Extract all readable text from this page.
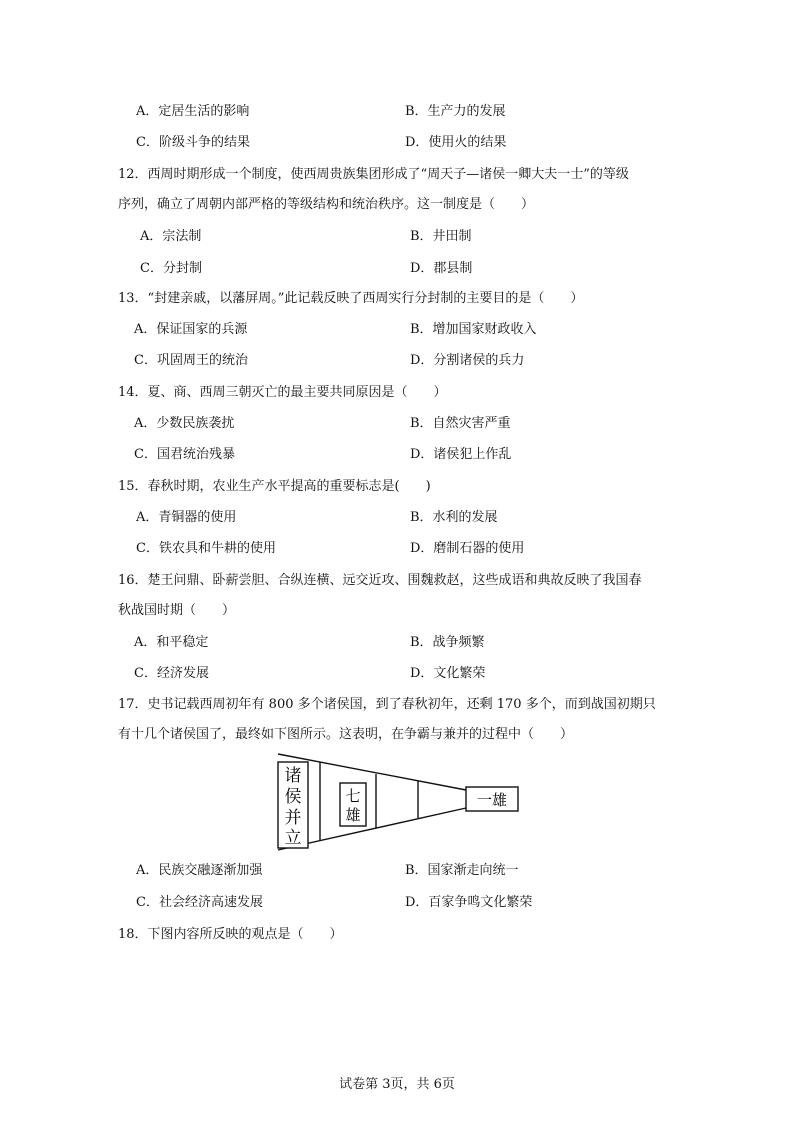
A．定居生活的影响	B．生产力的发展
C．阶级斗争的结果	D．使用火的结果
12．西周时期形成一个制度，使西周贵族集团形成了“周天子—诸侯一卿大夫一士”的等级
序列，确立了周朝内部严格的等级结构和统治秩序。这一制度是（　　）
A．宗法制	B．井田制
C．分封制	D．郡县制
13．“封建亲戚，以藩屏周。”此记载反映了西周实行分封制的主要目的是（　　）
A．保证国家的兵源	B．增加国家财政收入
C．巩固周王的统治	D．分割诸侯的兵力
14．夏、商、西周三朝灭亡的最主要共同原因是（　　）
A．少数民族袭扰	B．自然灾害严重
C．国君统治残暴	D．诸侯犯上作乱
15．春秋时期，农业生产水平提高的重要标志是(　　)
A．青铜器的使用	B．水利的发展
C．铁农具和牛耕的使用	D．磨制石器的使用
16．楚王问鼎、卧薪尝胆、合纵连横、远交近攻、围魏救赵，这些成语和典故反映了我国春
秋战国时期（　　）
A．和平稳定	B．战争频繁
C．经济发展	D．文化繁荣
17．史书记载西周初年有 800 多个诸侯国，到了春秋初年，还剩 170 多个，而到战国初期只
有十几个诸侯国了，最终如下图所示。这表明，在争霸与兼并的过程中（　　）
诸
侯
并
立
七
雄
一雄
A．民族交融逐渐加强	B．国家渐走向统一
C．社会经济高速发展	D．百家争鸣文化繁荣
18．下图内容所反映的观点是（　　）
试卷第 3页，共 6页
